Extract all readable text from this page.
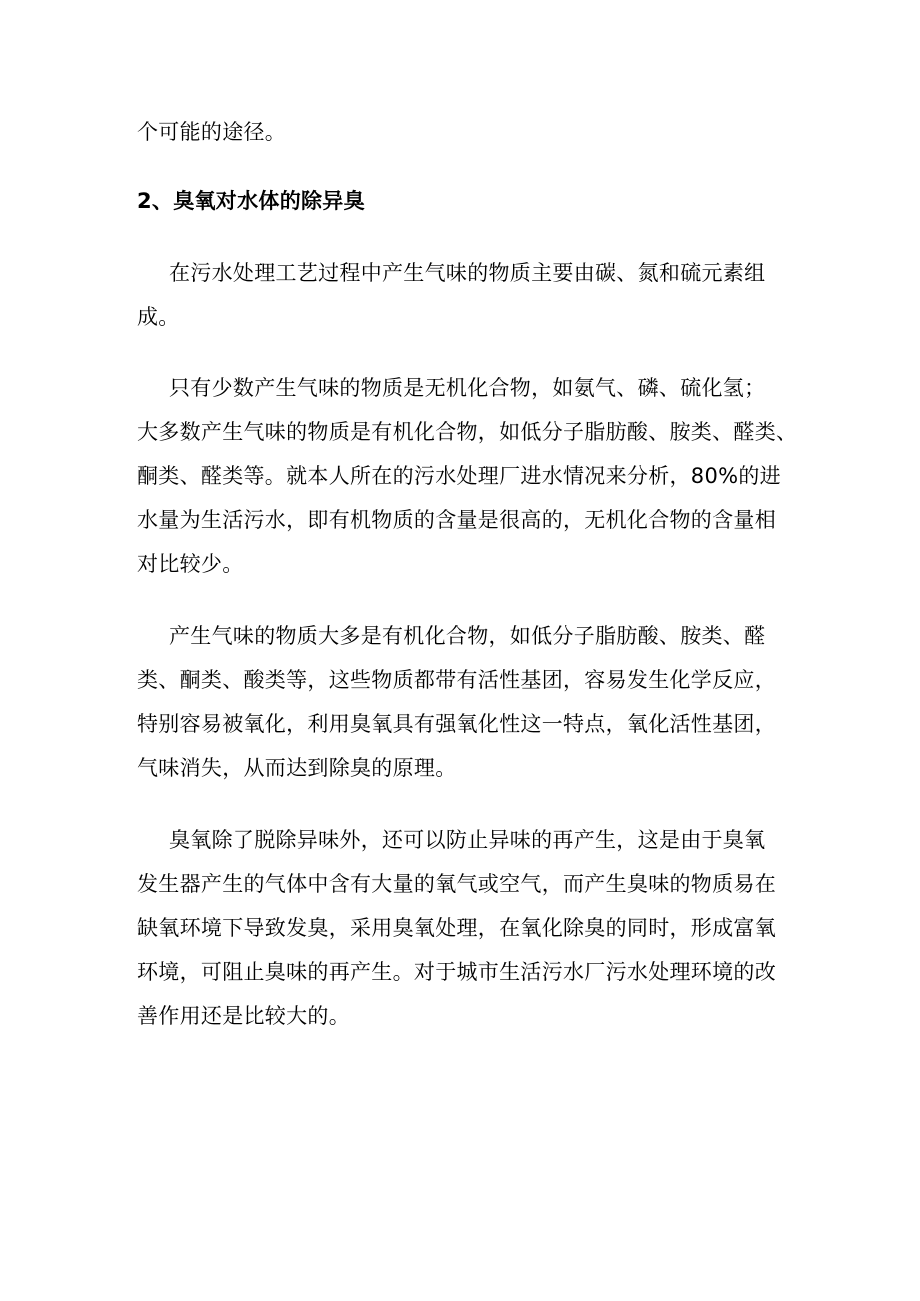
个可能的途径。

2、臭氧对水体的除异臭

在污水处理工艺过程中产生气味的物质主要由碳、氮和硫元素组

成。

只有少数产生气味的物质是无机化合物，如氨气、磷、硫化氢；

大多数产生气味的物质是有机化合物，如低分子脂肪酸、胺类、醛类、

酮类、醛类等。就本人所在的污水处理厂进水情况来分析，80%的进

水量为生活污水，即有机物质的含量是很高的，无机化合物的含量相

对比较少。

产生气味的物质大多是有机化合物，如低分子脂肪酸、胺类、醛

类、酮类、酸类等，这些物质都带有活性基团，容易发生化学反应，

特别容易被氧化，利用臭氧具有强氧化性这一特点，氧化活性基团，

气味消失，从而达到除臭的原理。

臭氧除了脱除异味外，还可以防止异味的再产生，这是由于臭氧

发生器产生的气体中含有大量的氧气或空气，而产生臭味的物质易在

缺氧环境下导致发臭，采用臭氧处理，在氧化除臭的同时，形成富氧

环境，可阻止臭味的再产生。对于城市生活污水厂污水处理环境的改

善作用还是比较大的。
